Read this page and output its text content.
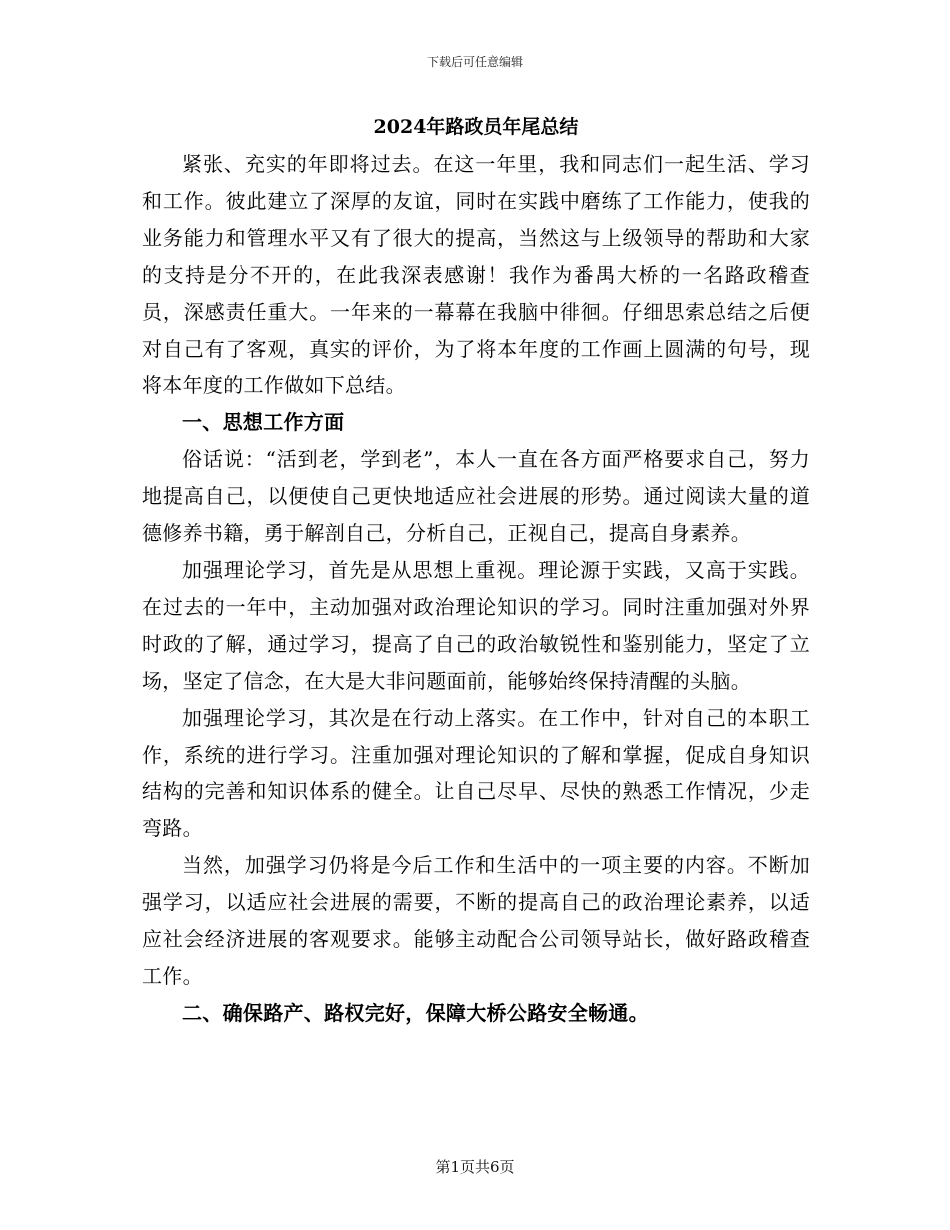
下载后可任意编辑
2024年路政员年尾总结

紧张、充实的年即将过去。在这一年里，我和同志们一起生活、学习和工作。彼此建立了深厚的友谊，同时在实践中磨练了工作能力，使我的业务能力和管理水平又有了很大的提高，当然这与上级领导的帮助和大家的支持是分不开的，在此我深表感谢！我作为番禺大桥的一名路政稽查员，深感责任重大。一年来的一幕幕在我脑中徘徊。仔细思索总结之后便对自己有了客观，真实的评价，为了将本年度的工作画上圆满的句号，现将本年度的工作做如下总结。

一、思想工作方面

俗话说：“活到老，学到老”，本人一直在各方面严格要求自己，努力地提高自己，以便使自己更快地适应社会进展的形势。通过阅读大量的道德修养书籍，勇于解剖自己，分析自己，正视自己，提高自身素养。

加强理论学习，首先是从思想上重视。理论源于实践，又高于实践。在过去的一年中，主动加强对政治理论知识的学习。同时注重加强对外界时政的了解，通过学习，提高了自己的政治敏锐性和鉴别能力，坚定了立场，坚定了信念，在大是大非问题面前，能够始终保持清醒的头脑。

加强理论学习，其次是在行动上落实。在工作中，针对自己的本职工作，系统的进行学习。注重加强对理论知识的了解和掌握，促成自身知识结构的完善和知识体系的健全。让自己尽早、尽快的熟悉工作情况，少走弯路。

当然，加强学习仍将是今后工作和生活中的一项主要的内容。不断加强学习，以适应社会进展的需要，不断的提高自己的政治理论素养，以适应社会经济进展的客观要求。能够主动配合公司领导站长，做好路政稽查工作。

二、确保路产、路权完好，保障大桥公路安全畅通。

第1页共6页
